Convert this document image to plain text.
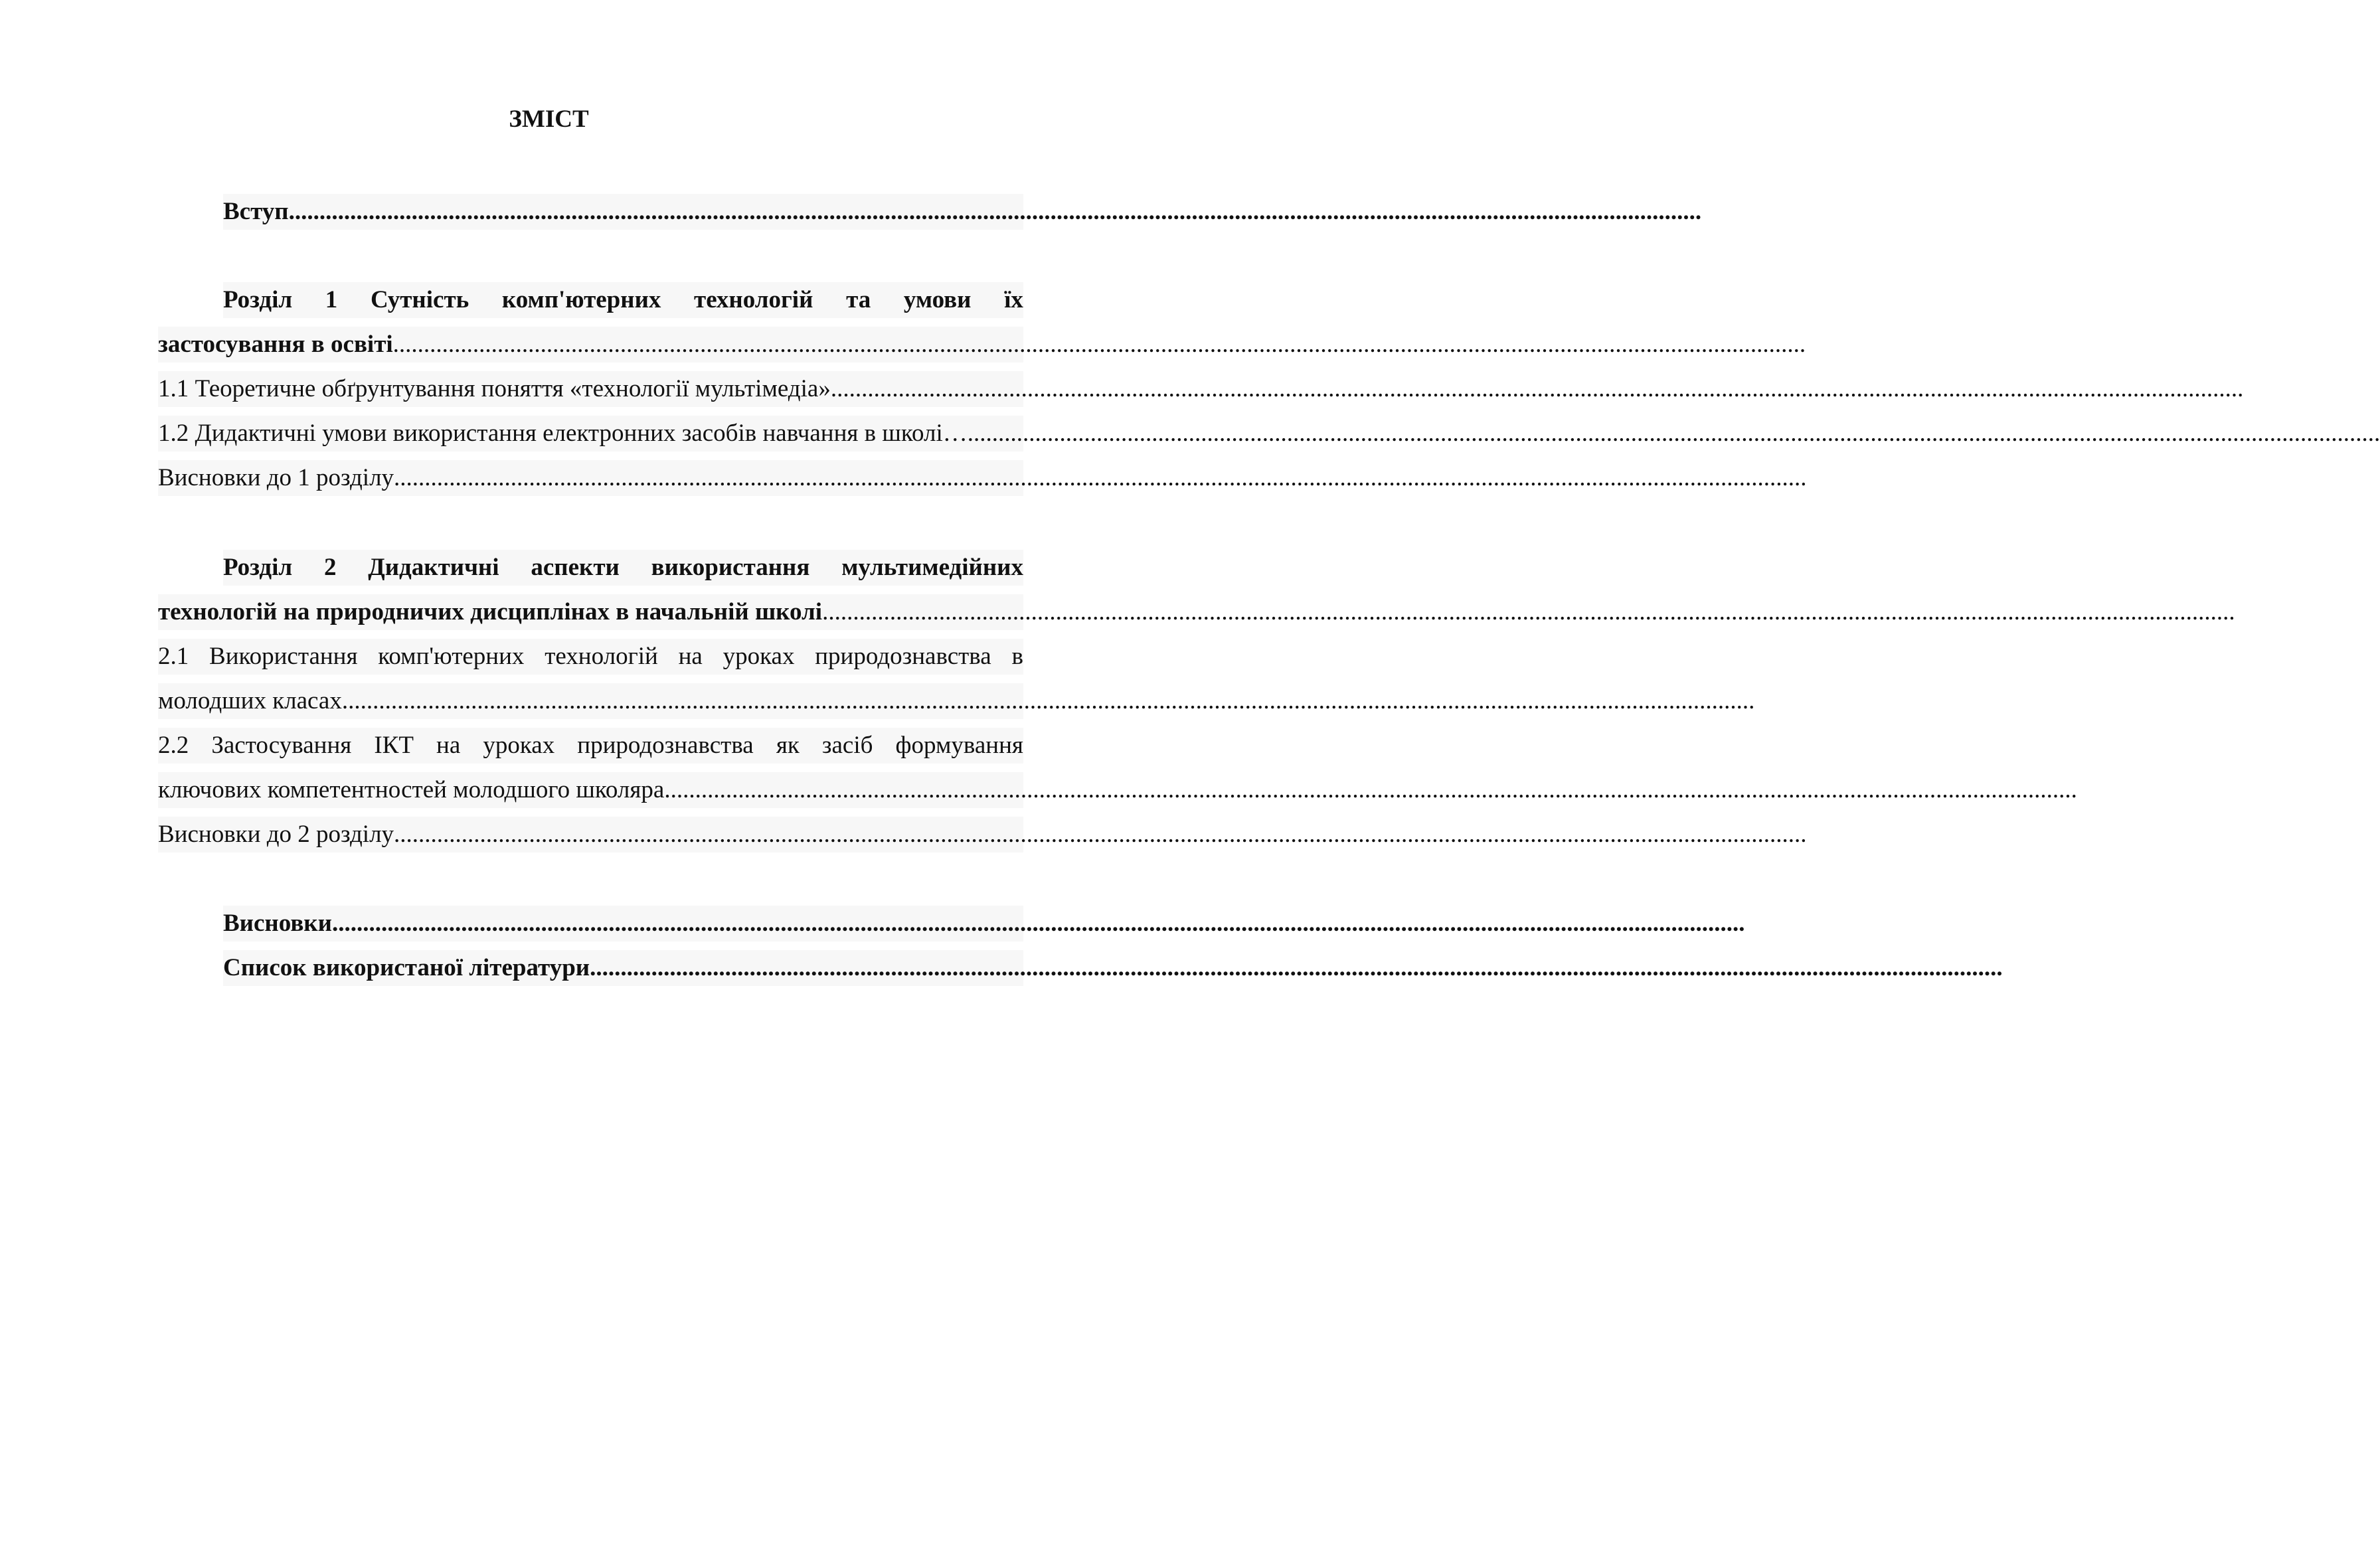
ЗМІСТ
Вступ ......................................................................................................................................................................................................................................
Розділ 1 Сутність комп'ютерних технологій та умови їх
застосування в освіті ......................................................................................................................................................................................................................................
1.1 Теоретичне обґрунтування поняття «технології мультімедіа» ......................................................................................................................................................................................................................................
1.2 Дидактичні умови використання електронних засобів навчання в школі… ......................................................................................................................................................................................................................................
Висновки до 1 розділу ......................................................................................................................................................................................................................................
Розділ 2 Дидактичні аспекти використання мультимедійних
технологій на природничих дисциплінах в начальній школі ......................................................................................................................................................................................................................................
2.1 Використання комп'ютерних технологій на уроках природознавства в
молодших класах ......................................................................................................................................................................................................................................
2.2 Застосування ІКТ на уроках природознавства як засіб формування
ключових компетентностей молодшого школяра ......................................................................................................................................................................................................................................
Висновки до 2 розділу ......................................................................................................................................................................................................................................
Висновки ......................................................................................................................................................................................................................................
Список використаної літератури ......................................................................................................................................................................................................................................
